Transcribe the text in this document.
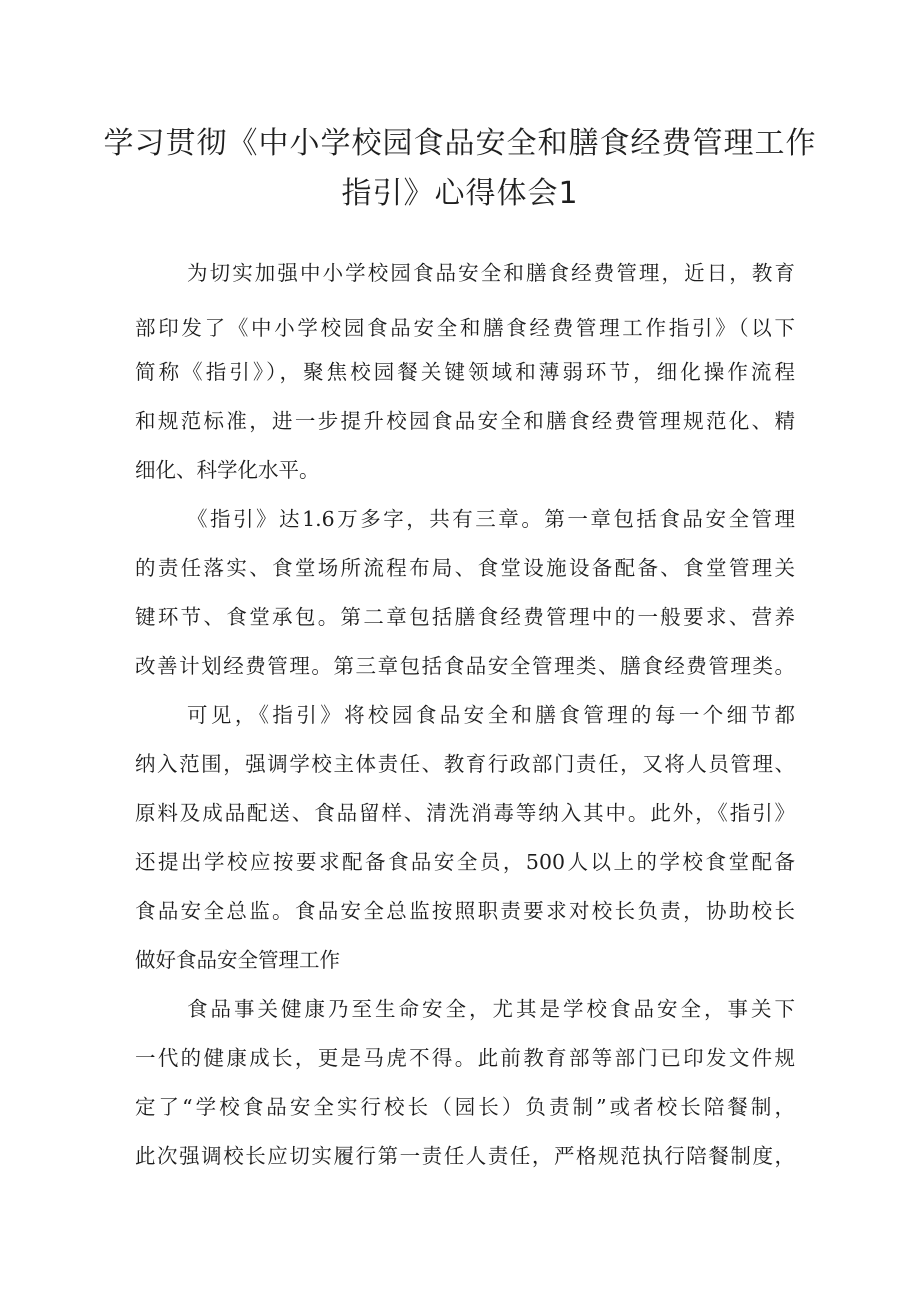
学习贯彻《中小学校园食品安全和膳食经费管理工作
指引》心得体会1
为切实加强中小学校园食品安全和膳食经费管理，近日，教育
部印发了《中小学校园食品安全和膳食经费管理工作指引》（以下
简称《指引》），聚焦校园餐关键领域和薄弱环节，细化操作流程
和规范标准，进一步提升校园食品安全和膳食经费管理规范化、精
细化、科学化水平。
《指引》达1.6万多字，共有三章。第一章包括食品安全管理
的责任落实、食堂场所流程布局、食堂设施设备配备、食堂管理关
键环节、食堂承包。第二章包括膳食经费管理中的一般要求、营养
改善计划经费管理。第三章包括食品安全管理类、膳食经费管理类。
可见，《指引》将校园食品安全和膳食管理的每一个细节都
纳入范围，强调学校主体责任、教育行政部门责任，又将人员管理、
原料及成品配送、食品留样、清洗消毒等纳入其中。此外，《指引》
还提出学校应按要求配备食品安全员，500人以上的学校食堂配备
食品安全总监。食品安全总监按照职责要求对校长负责，协助校长
做好食品安全管理工作
食品事关健康乃至生命安全，尤其是学校食品安全，事关下
一代的健康成长，更是马虎不得。此前教育部等部门已印发文件规
定了“学校食品安全实行校长（园长）负责制”或者校长陪餐制，
此次强调校长应切实履行第一责任人责任，严格规范执行陪餐制度，
